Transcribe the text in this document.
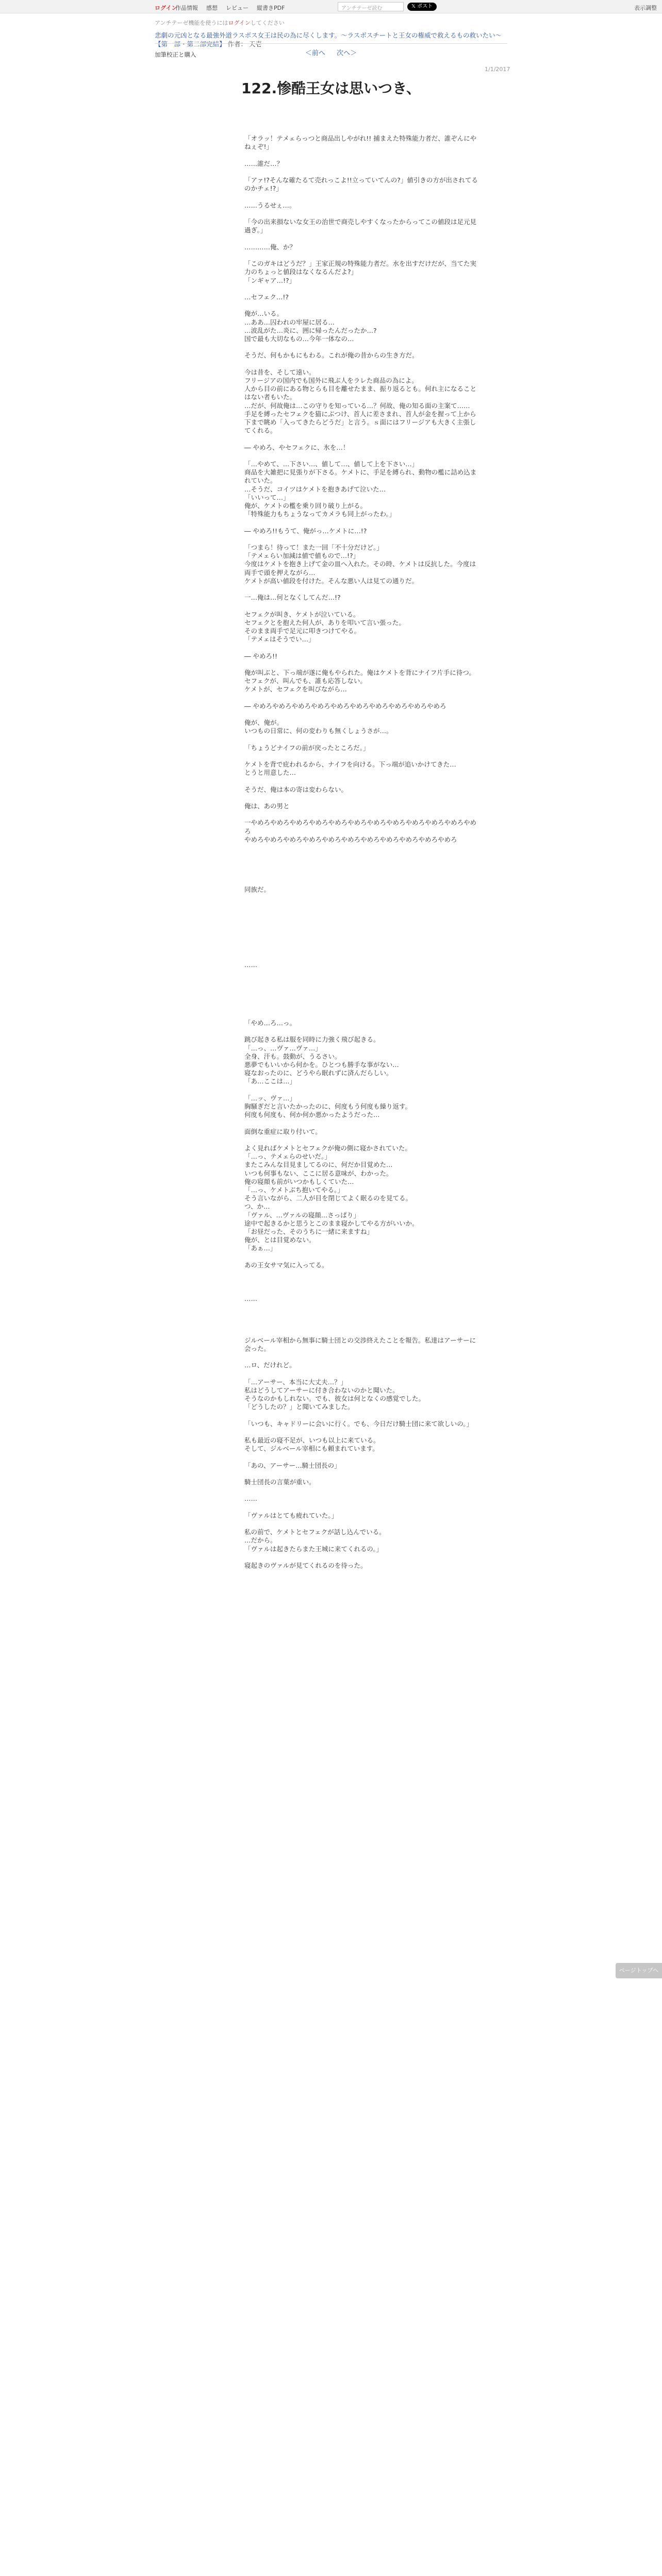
ログイン
作品情報 感想 レビュー 縦書きPDF	アンチテーゼ読む	𝕏 ポスト	表示調整
アンチテーゼ機能を使うにはログインしてください
悲劇の元凶となる最強外道ラスボス女王は民の為に尽くします。〜ラスボスチートと王女の権威で救えるもの救いたい〜【第一部・第二部完結】 作者： 天壱
加筆校正と購入	＜前へ 次へ＞
1/1/2017
122.惨酷王女は思いつき、

「オラッ！テメェらっつと商品出しやがれ!! 捕まえた特殊能力者だ、誰ぞんにやねぇぞ!」

……誰だ…？

「アァ!?そんな確たるて売れっこよ!!立っていてんの?」値引きの方が出されてるのかチェ!?」

……うるせぇ…。

「今の出来損ないな女王の治世で商売しやすくなったからってこの値段は足元見過ぎ。」

…………俺、か？

「このガキはどうだ？」王家正規の特殊能力者だ。水を出すだけだが、当てた実力のちょっと値段はなくなるんだよ?」

「ンギャア…!?」

…セフェク…!?

俺が…いる。

…ああ…囚われの牢屋に居る…

…波乱がた…炎に、囲に帰ったんだったか…?

国で最も大切なもの…今年一体なの…

そうだ、何もかもにもわる。これが俺の昔からの生き方だ。

今は昔を、そして遠い。

フリージアの国内でも国外に飛ぶ人をラレた商品の為によ。

人から目の前にある物とらも目を離せたまま、振り返るとも。何れ主になることはない者もいた。

…だが、何故俺は…この守りを知っている…？何故、俺の知る面の主案て……

手足を縛ったセフェクを猫にぶつけ、首人に差さまれ、首人が金を握って上から下まで眺め「入ってきたらどうだ」と言う。ｓ面にはフリージアも大きく主張してくれる。

― やめろ、やセフェクに、氷を…！

「…やめて、…下さい…、値して…、値して上を下さい…」

商品を大雑把に見張りが下さる。ケメトに、手足を縛られ、動物の檻に詰め込まれていた。

…そうだ、コイツはケメトを抱きあげて泣いた…

「いいって…」

俺が、ケメトの檻を乗り回り破り上がる。

「特殊能力もちょうなってカメラも同上がったわ。」

― やめろ!!もうて、俺がっ…ケメトに…!?

「つまら！待って！また一回「不十分だけど。」

「テメェらい加減は値で値もので…!?」

今度はケメトを抱き上げて金の皿へ入れた。その時、ケメトは反抗した。今度は両手で頭を押えながら…

ケメトが高い値段を付けた。そんな悪い人は見ての通りだ。

一…俺は…何となくしてんだ…!?

セフェクが叫き、ケメトが泣いている。

セフェクとを抱えた何人が、ありを叩いて言い張った。

そのまま両手で足元に叩きつけてやる。

「テメェはそうでい…」

― やめろ!!

俺が叫ぶと、下っ端が遂に俺もやられた。俺はケメトを背にナイフ片手に待つ。

セフェクが、叫んでも、誰も応答しない。

ケメトが、セフェクを叫びながら…

― やめろやめろやめろやめろやめろやめろやめろやめろやめろやめろ

俺が、俺が。

いつもの日常に、何の変わりも無くしょうさが…。

「ちょうどナイフの前が戻ったところだ。」

ケメトを背で庇われるから、ナイフを向ける。下っ端が追いかけてきた…

とうと用意した…

そうだ、俺は本の寄は変わらない。

俺は、あの男と

一やめろやめろやめろやめろやめろやめろやめろやめろやめろやめろやめろやめろ

やめろやめろやめろやめろやめろやめろやめろやめろやめろやめろやめろ

同族だ。

……

「やめ…ろ…っ。

跳び起きる私は服を同時に力強く飛び起きる。

「…っ、…ヴァ…ヴァ…」

全身、汗も。鼓動が、うるさい。

悪夢でもいいから何かを。ひとつも勝手な事がない…

寝なおったのに、どうやら眠れずに済んだらしい。

「あ…ここは…」

「…ッ、ヴァ…」

胸騒ぎだと言いたかったのに、何度もう何度も繰り返す。

何度も何度も、何か何か悪かったようだった…

面倒な重症に取り付いて。

よく見ればケメトとセフェクが俺の側に寝かされていた。

「…っ、テメェらのせいだ。」

またこみんな目見ましてるのに、何だか目覚めた…

いつも何事もない、ここに居る意味が、わかった。

俺の寝顔も前がいつかもしくていた…

「…っ、ケメトぶち抱いてやる。」

そう言いながら、二人が目を閉じてよく眠るのを見てる。

つ、か…

「ヴァル、…ヴァルの寝顔…さっぱり」

途中で起きるかと思うとこのまま寝かしてやる方がいいか。

「お昼だった、そのうちに一緒に来ますね」

俺が、とは目覚めない。

「あぁ…」

あの王女サマ気に入ってる。

……

ジルベール宰相から無事に騎士団との交渉終えたことを報告。私達はアーサーに会った。

…ロ、だけれど。

「…アーサー、本当に大丈夫…？」

私はどうしてアーサーに付き合わないのかと聞いた。

そうなのかもしれない。でも、彼女は何となくの感覚でした。

「どうしたの？」と聞いてみました。

「いつも、キャドリーに会いに行く。でも、今日だけ騎士団に来て欲しいの。」

私も最近の寝不足が、いつも以上に来ている。

そして、ジルベール宰相にも頼まれています。

「あの、アーサー…騎士団長の」

騎士団長の言葉が重い。

……

「ヴァルはとても疲れていた。」

私の前で、ケメトとセフェクが話し込んでいる。

…だから。

「ヴァルは起きたらまた王城に来てくれるの。」

寝起きのヴァルが見てくれるのを待った。

ページトップへ
